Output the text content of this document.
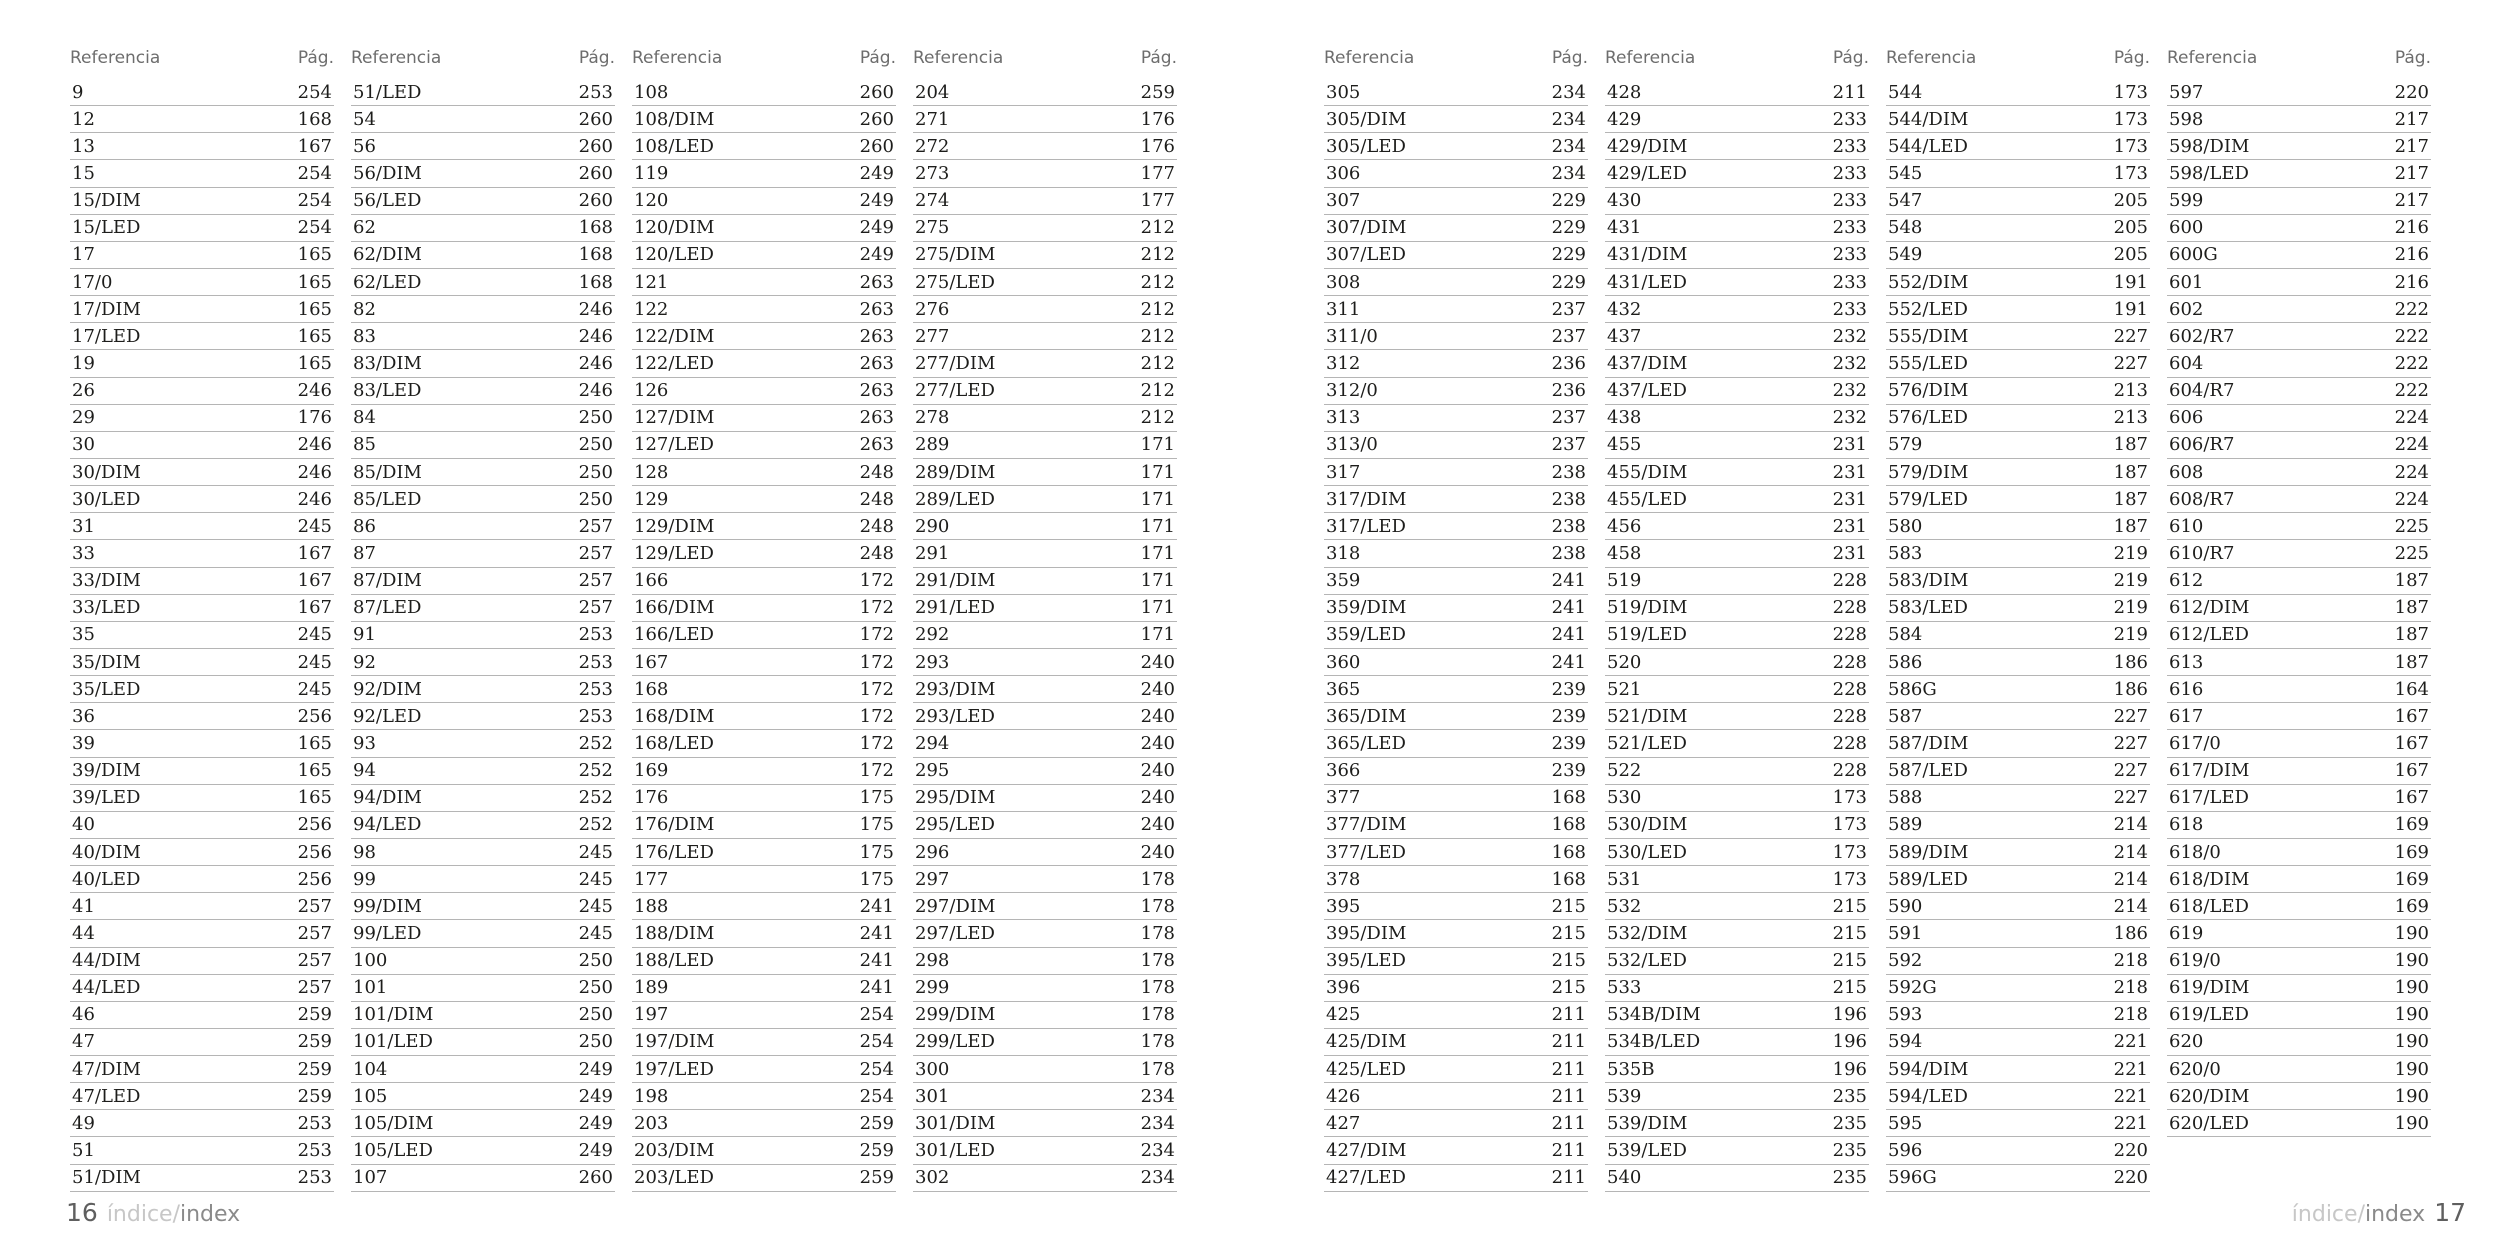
Referencia	Pág.
9	254
12	168
13	167
15	254
15/DIM	254
15/LED	254
17	165
17/0	165
17/DIM	165
17/LED	165
19	165
26	246
29	176
30	246
30/DIM	246
30/LED	246
31	245
33	167
33/DIM	167
33/LED	167
35	245
35/DIM	245
35/LED	245
36	256
39	165
39/DIM	165
39/LED	165
40	256
40/DIM	256
40/LED	256
41	257
44	257
44/DIM	257
44/LED	257
46	259
47	259
47/DIM	259
47/LED	259
49	253
51	253
51/DIM	253
Referencia	Pág.
51/LED	253
54	260
56	260
56/DIM	260
56/LED	260
62	168
62/DIM	168
62/LED	168
82	246
83	246
83/DIM	246
83/LED	246
84	250
85	250
85/DIM	250
85/LED	250
86	257
87	257
87/DIM	257
87/LED	257
91	253
92	253
92/DIM	253
92/LED	253
93	252
94	252
94/DIM	252
94/LED	252
98	245
99	245
99/DIM	245
99/LED	245
100	250
101	250
101/DIM	250
101/LED	250
104	249
105	249
105/DIM	249
105/LED	249
107	260
Referencia	Pág.
108	260
108/DIM	260
108/LED	260
119	249
120	249
120/DIM	249
120/LED	249
121	263
122	263
122/DIM	263
122/LED	263
126	263
127/DIM	263
127/LED	263
128	248
129	248
129/DIM	248
129/LED	248
166	172
166/DIM	172
166/LED	172
167	172
168	172
168/DIM	172
168/LED	172
169	172
176	175
176/DIM	175
176/LED	175
177	175
188	241
188/DIM	241
188/LED	241
189	241
197	254
197/DIM	254
197/LED	254
198	254
203	259
203/DIM	259
203/LED	259
Referencia	Pág.
204	259
271	176
272	176
273	177
274	177
275	212
275/DIM	212
275/LED	212
276	212
277	212
277/DIM	212
277/LED	212
278	212
289	171
289/DIM	171
289/LED	171
290	171
291	171
291/DIM	171
291/LED	171
292	171
293	240
293/DIM	240
293/LED	240
294	240
295	240
295/DIM	240
295/LED	240
296	240
297	178
297/DIM	178
297/LED	178
298	178
299	178
299/DIM	178
299/LED	178
300	178
301	234
301/DIM	234
301/LED	234
302	234
16 índice/index
Referencia	Pág.
305	234
305/DIM	234
305/LED	234
306	234
307	229
307/DIM	229
307/LED	229
308	229
311	237
311/0	237
312	236
312/0	236
313	237
313/0	237
317	238
317/DIM	238
317/LED	238
318	238
359	241
359/DIM	241
359/LED	241
360	241
365	239
365/DIM	239
365/LED	239
366	239
377	168
377/DIM	168
377/LED	168
378	168
395	215
395/DIM	215
395/LED	215
396	215
425	211
425/DIM	211
425/LED	211
426	211
427	211
427/DIM	211
427/LED	211
Referencia	Pág.
428	211
429	233
429/DIM	233
429/LED	233
430	233
431	233
431/DIM	233
431/LED	233
432	233
437	232
437/DIM	232
437/LED	232
438	232
455	231
455/DIM	231
455/LED	231
456	231
458	231
519	228
519/DIM	228
519/LED	228
520	228
521	228
521/DIM	228
521/LED	228
522	228
530	173
530/DIM	173
530/LED	173
531	173
532	215
532/DIM	215
532/LED	215
533	215
534B/DIM	196
534B/LED	196
535B	196
539	235
539/DIM	235
539/LED	235
540	235
Referencia	Pág.
544	173
544/DIM	173
544/LED	173
545	173
547	205
548	205
549	205
552/DIM	191
552/LED	191
555/DIM	227
555/LED	227
576/DIM	213
576/LED	213
579	187
579/DIM	187
579/LED	187
580	187
583	219
583/DIM	219
583/LED	219
584	219
586	186
586G	186
587	227
587/DIM	227
587/LED	227
588	227
589	214
589/DIM	214
589/LED	214
590	214
591	186
592	218
592G	218
593	218
594	221
594/DIM	221
594/LED	221
595	221
596	220
596G	220
Referencia	Pág.
597	220
598	217
598/DIM	217
598/LED	217
599	217
600	216
600G	216
601	216
602	222
602/R7	222
604	222
604/R7	222
606	224
606/R7	224
608	224
608/R7	224
610	225
610/R7	225
612	187
612/DIM	187
612/LED	187
613	187
616	164
617	167
617/0	167
617/DIM	167
617/LED	167
618	169
618/0	169
618/DIM	169
618/LED	169
619	190
619/0	190
619/DIM	190
619/LED	190
620	190
620/0	190
620/DIM	190
620/LED	190
índice/index 17
